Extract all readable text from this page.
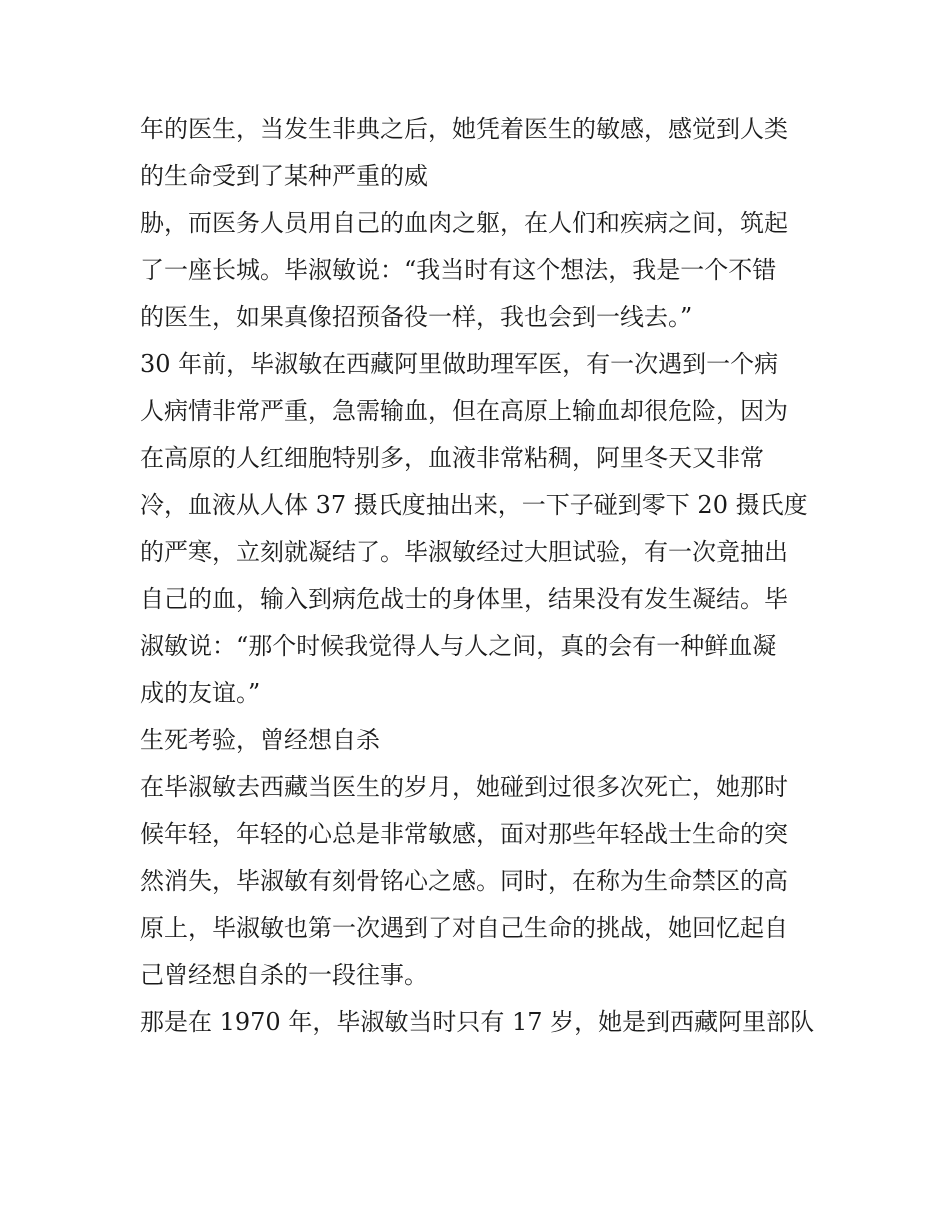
年的医生，当发生非典之后，她凭着医生的敏感，感觉到人类
的生命受到了某种严重的威
胁，而医务人员用自己的血肉之躯，在人们和疾病之间，筑起
了一座长城。毕淑敏说：“我当时有这个想法，我是一个不错
的医生，如果真像招预备役一样，我也会到一线去。”
30 年前，毕淑敏在西藏阿里做助理军医，有一次遇到一个病
人病情非常严重，急需输血，但在高原上输血却很危险，因为
在高原的人红细胞特别多，血液非常粘稠，阿里冬天又非常
冷，血液从人体 37 摄氏度抽出来，一下子碰到零下 20 摄氏度
的严寒，立刻就凝结了。毕淑敏经过大胆试验，有一次竟抽出
自己的血，输入到病危战士的身体里，结果没有发生凝结。毕
淑敏说：“那个时候我觉得人与人之间，真的会有一种鲜血凝
成的友谊。”
生死考验，曾经想自杀
在毕淑敏去西藏当医生的岁月，她碰到过很多次死亡，她那时
候年轻，年轻的心总是非常敏感，面对那些年轻战士生命的突
然消失，毕淑敏有刻骨铭心之感。同时，在称为生命禁区的高
原上，毕淑敏也第一次遇到了对自己生命的挑战，她回忆起自
己曾经想自杀的一段往事。
那是在 1970 年，毕淑敏当时只有 17 岁，她是到西藏阿里部队
